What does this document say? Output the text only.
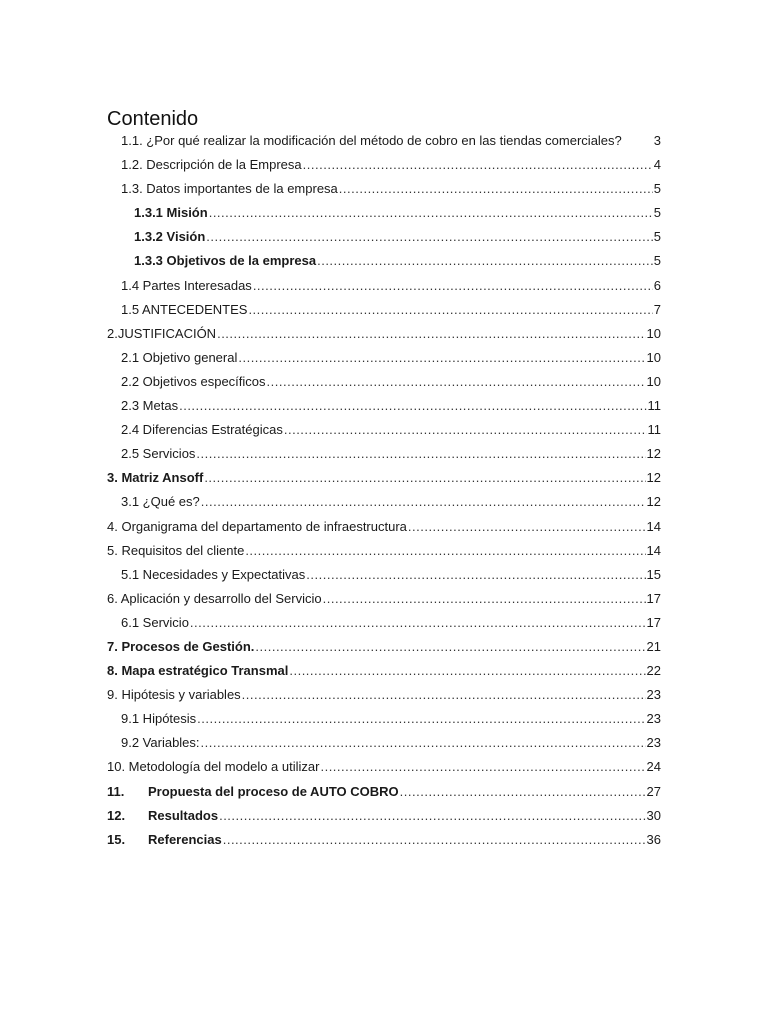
Contenido
1.1. ¿Por qué realizar la modificación del método de cobro en las tiendas comerciales? 3
1.2. Descripción de la Empresa .....	4
1.3. Datos importantes de la empresa .....	5
1.3.1 Misión .....	5
1.3.2 Visión .....	5
1.3.3 Objetivos de la empresa .....	5
1.4 Partes Interesadas .....	6
1.5 ANTECEDENTES .....	7
2.JUSTIFICACIÓN .....	10
2.1 Objetivo general .....	10
2.2 Objetivos específicos .....	10
2.3 Metas .....	11
2.4 Diferencias Estratégicas .....	11
2.5 Servicios .....	12
3. Matriz Ansoff .....	12
3.1 ¿Qué es? .....	12
4. Organigrama del departamento de infraestructura .....	14
5. Requisitos del cliente .....	14
5.1 Necesidades y Expectativas .....	15
6. Aplicación y desarrollo del Servicio .....	17
6.1 Servicio .....	17
7. Procesos de Gestión. .....	21
8. Mapa estratégico Transmal .....	22
9. Hipótesis y variables .....	23
9.1 Hipótesis .....	23
9.2 Variables: .....	23
10. Metodología del modelo a utilizar .....	24
11.	Propuesta del proceso de AUTO COBRO .....	27
12.	Resultados .....	30
15.	Referencias .....	36
